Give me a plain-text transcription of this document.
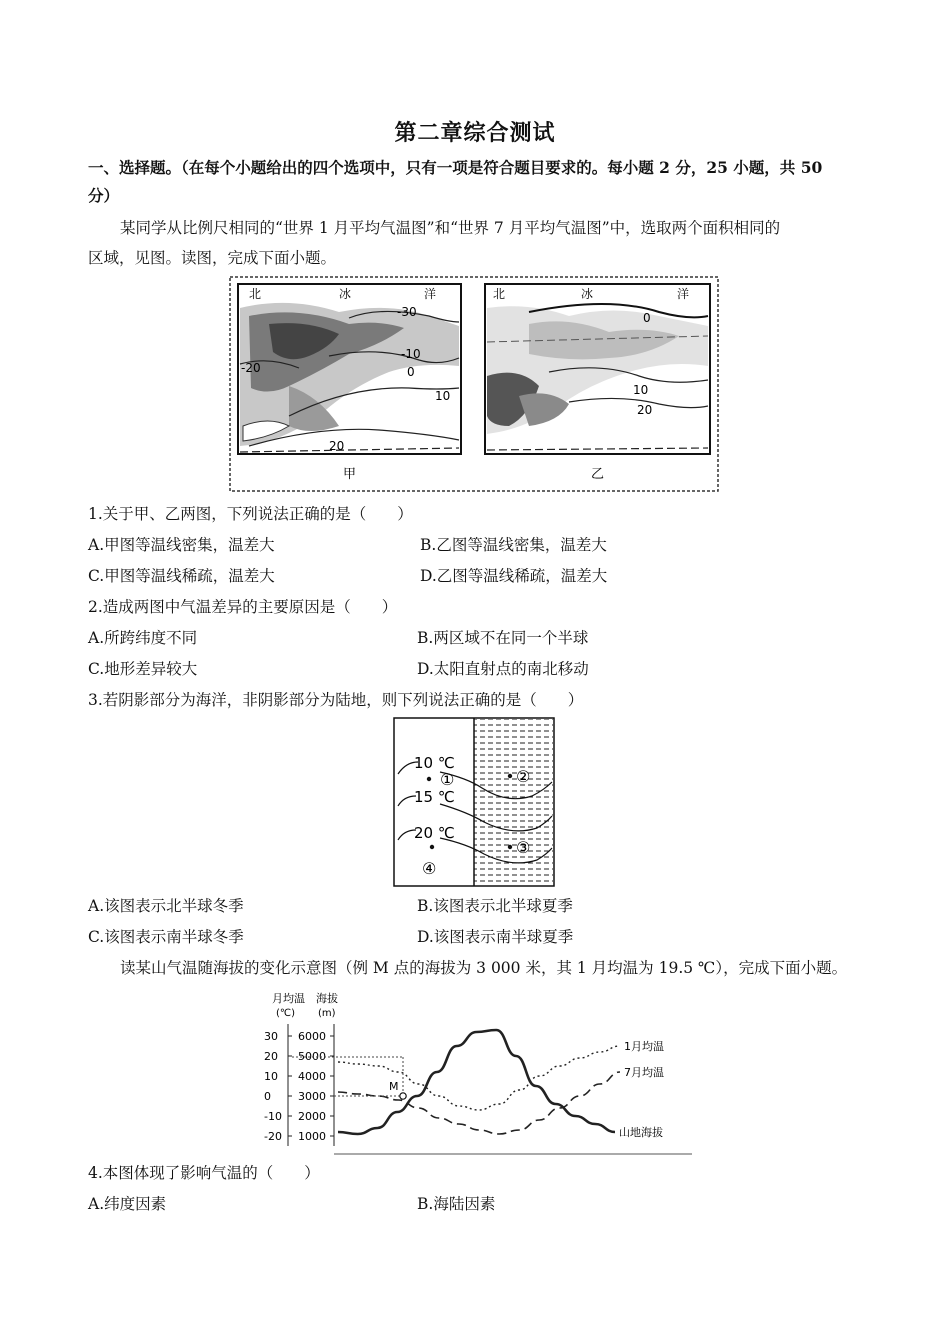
第二章综合测试
一、选择题。（在每个小题给出的四个选项中，只有一项是符合题目要求的。每小题 2 分，25 小题，共 50
分）
某同学从比例尺相同的“世界 1 月平均气温图”和“世界 7 月平均气温图”中，选取两个面积相同的
区域，见图。读图，完成下面小题。
北	冰	洋
-30
-20
-10
0
10
20
甲
北	冰	洋
0
10
20
乙
1.关于甲、乙两图，下列说法正确的是（　　）
A.甲图等温线密集，温差大	B.乙图等温线密集，温差大
C.甲图等温线稀疏，温差大	D.乙图等温线稀疏，温差大
2.造成两图中气温差异的主要原因是（　　）
A.所跨纬度不同	B.两区域不在同一个半球
C.地形差异较大	D.太阳直射点的南北移动
3.若阴影部分为海洋，非阴影部分为陆地，则下列说法正确的是（　　）
10 ℃
15 ℃
20 ℃
①	②
③
④
A.该图表示北半球冬季	B.该图表示北半球夏季
C.该图表示南半球冬季	D.该图表示南半球夏季
读某山气温随海拔的变化示意图（例 M 点的海拔为 3 000 米，其 1 月均温为 19.5 ℃），完成下面小题。
月均温
(℃)
海拔
(m)
30
20
10
0
-10
-20
6000
5000
4000
3000
2000
1000
1月均温
7月均温
山地海拔
M
4.本图体现了影响气温的（　　）
A.纬度因素	B.海陆因素
